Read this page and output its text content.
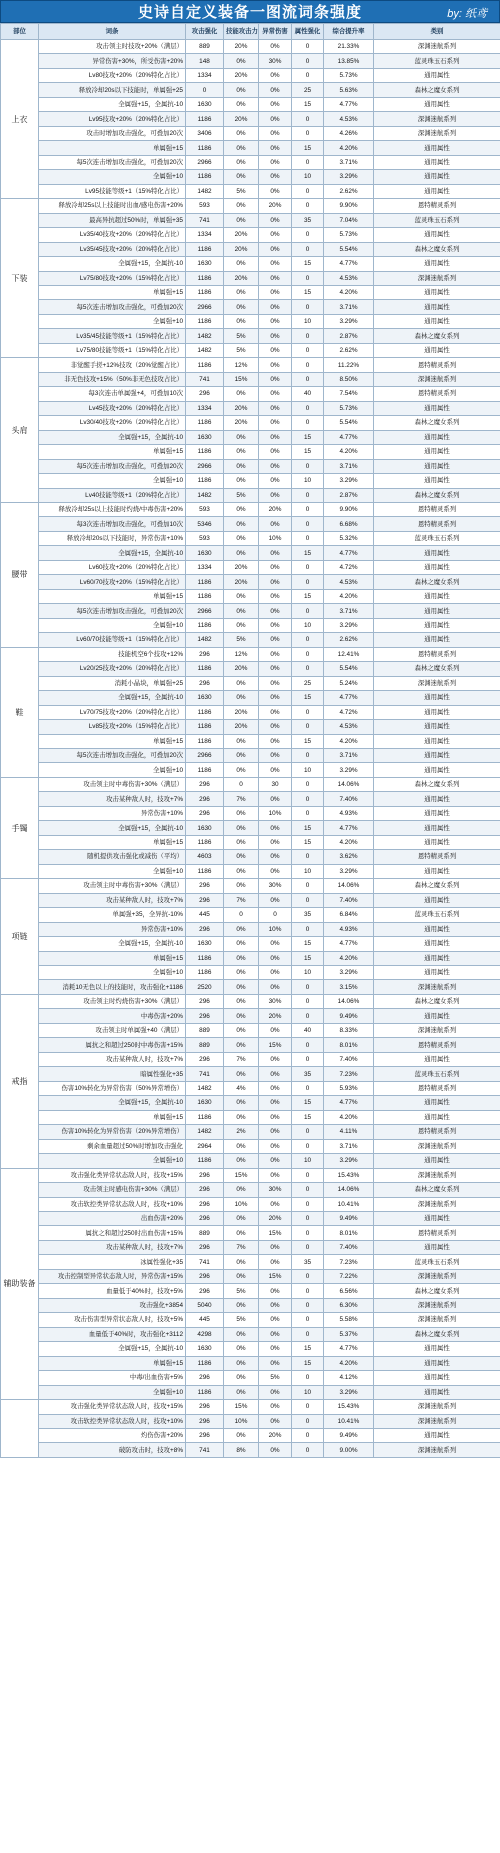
史诗自定义装备一图流词条强度	by: 纸鸢
部位	词条	攻击强化	技能攻击力	异常伤害	属性强化	综合提升率	类别
上衣	攻击领主时技攻+20%（满层）	889	20%	0%	0	21.33%	深渊迷航系列
	异常伤害+30%，所受伤害+20%	148	0%	30%	0	13.85%	蓝灵珠玉石系列
	Lv80技攻+20%（20%特化占比）	1334	20%	0%	0	5.73%	通用属性
	释放冷却20s以下技能时，单属强+25	0	0%	0%	25	5.63%	森林之魔女系列
	全属强+15，全属抗-10	1630	0%	0%	15	4.77%	通用属性
	Lv95技攻+20%（20%特化占比）	1186	20%	0%	0	4.53%	深渊迷航系列
	攻击时增加攻击强化，可叠加20次	3406	0%	0%	0	4.26%	深渊迷航系列
	单属强+15	1186	0%	0%	15	4.20%	通用属性
	每5次连击增加攻击强化，可叠加20次	2966	0%	0%	0	3.71%	通用属性
	全属强+10	1186	0%	0%	10	3.29%	通用属性
	Lv95技能等级+1（15%特化占比）	1482	5%	0%	0	2.62%	通用属性
下装	释放冷却25s以上技能时出血/感电伤害+20%	593	0%	20%	0	9.90%	恩特精灵系列
	最高异抗超过50%时，单属强+35	741	0%	0%	35	7.04%	蓝灵珠玉石系列
	Lv35/40技攻+20%（20%特化占比）	1334	20%	0%	0	5.73%	通用属性
	Lv35/45技攻+20%（20%特化占比）	1186	20%	0%	0	5.54%	森林之魔女系列
	全属强+15，全属抗-10	1630	0%	0%	15	4.77%	通用属性
	Lv75/80技攻+20%（15%特化占比）	1186	20%	0%	0	4.53%	深渊迷航系列
	单属强+15	1186	0%	0%	15	4.20%	通用属性
	每5次连击增加攻击强化，可叠加20次	2966	0%	0%	0	3.71%	通用属性
	全属强+10	1186	0%	0%	10	3.29%	通用属性
	Lv35/45技能等级+1（15%特化占比）	1482	5%	0%	0	2.87%	森林之魔女系列
	Lv75/80技能等级+1（15%特化占比）	1482	5%	0%	0	2.62%	通用属性
头肩	非觉醒手搓+12%技攻（20%觉醒占比）	1186	12%	0%	0	11.22%	恩特精灵系列
	非无色技攻+15%（50%非无色技攻占比）	741	15%	0%	0	8.50%	深渊迷航系列
	每3次连击单属强+4，可叠加10次	296	0%	0%	40	7.54%	恩特精灵系列
	Lv45技攻+20%（20%特化占比）	1334	20%	0%	0	5.73%	通用属性
	Lv30/40技攻+20%（20%特化占比）	1186	20%	0%	0	5.54%	森林之魔女系列
	全属强+15，全属抗-10	1630	0%	0%	15	4.77%	通用属性
	单属强+15	1186	0%	0%	15	4.20%	通用属性
	每5次连击增加攻击强化，可叠加20次	2966	0%	0%	0	3.71%	通用属性
	全属强+10	1186	0%	0%	10	3.29%	通用属性
	Lv40技能等级+1（20%特化占比）	1482	5%	0%	0	2.87%	森林之魔女系列
腰带	释放冷却25s以上技能时灼烧/中毒伤害+20%	593	0%	20%	0	9.90%	恩特精灵系列
	每3次连击增加攻击强化，可叠加10次	5346	0%	0%	0	6.68%	恩特精灵系列
	释放冷却20s以下技能时，异常伤害+10%	593	0%	10%	0	5.32%	蓝灵珠玉石系列
	全属强+15，全属抗-10	1630	0%	0%	15	4.77%	通用属性
	Lv60技攻+20%（20%特化占比）	1334	20%	0%	0	4.72%	通用属性
	Lv60/70技攻+20%（15%特化占比）	1186	20%	0%	0	4.53%	森林之魔女系列
	单属强+15	1186	0%	0%	15	4.20%	通用属性
	每5次连击增加攻击强化，可叠加20次	2966	0%	0%	0	3.71%	通用属性
	全属强+10	1186	0%	0%	10	3.29%	通用属性
	Lv60/70技能等级+1（15%特化占比）	1482	5%	0%	0	2.62%	通用属性
鞋	技能机空6个技攻+12%	296	12%	0%	0	12.41%	恩特精灵系列
	Lv20/25技攻+20%（20%特化占比）	1186	20%	0%	0	5.54%	森林之魔女系列
	消耗小晶块，单属强+25	296	0%	0%	25	5.24%	深渊迷航系列
	全属强+15，全属抗-10	1630	0%	0%	15	4.77%	通用属性
	Lv70/75技攻+20%（20%特化占比）	1186	20%	0%	0	4.72%	通用属性
	Lv85技攻+20%（15%特化占比）	1186	20%	0%	0	4.53%	通用属性
	单属强+15	1186	0%	0%	15	4.20%	通用属性
	每5次连击增加攻击强化，可叠加20次	2966	0%	0%	0	3.71%	通用属性
	全属强+10	1186	0%	0%	10	3.29%	通用属性
手镯	攻击领主时中毒伤害+30%（满层）	296	0	30	0	14.06%	森林之魔女系列
	攻击某种敌人时，技攻+7%	296	7%	0%	0	7.40%	通用属性
	异常伤害+10%	296	0%	10%	0	4.93%	通用属性
	全属强+15，全属抗-10	1630	0%	0%	15	4.77%	通用属性
	单属强+15	1186	0%	0%	15	4.20%	通用属性
	随机提供攻击强化或减伤（平均）	4603	0%	0%	0	3.62%	恩特精灵系列
	全属强+10	1186	0%	0%	10	3.29%	通用属性
项链	攻击领主时中毒伤害+30%（满层）	296	0%	30%	0	14.06%	森林之魔女系列
	攻击某种敌人时，技攻+7%	296	7%	0%	0	7.40%	通用属性
	单属强+35，全异抗-10%	445	0	0	35	6.84%	蓝灵珠玉石系列
	异常伤害+10%	296	0%	10%	0	4.93%	通用属性
	全属强+15，全属抗-10	1630	0%	0%	15	4.77%	通用属性
	单属强+15	1186	0%	0%	15	4.20%	通用属性
	全属强+10	1186	0%	0%	10	3.29%	通用属性
	消耗10无色以上的技能时，攻击强化+1186	2520	0%	0%	0	3.15%	深渊迷航系列
戒指	攻击领主时灼烧伤害+30%（满层）	296	0%	30%	0	14.06%	森林之魔女系列
	中毒伤害+20%	296	0%	20%	0	9.49%	通用属性
	攻击领主时单属强+40（满层）	889	0%	0%	40	8.33%	深渊迷航系列
	属抗之和超过250时中毒伤害+15%	889	0%	15%	0	8.01%	恩特精灵系列
	攻击某种敌人时，技攻+7%	296	7%	0%	0	7.40%	通用属性
	暗属性强化+35	741	0%	0%	35	7.23%	蓝灵珠玉石系列
	伤害10%转化为异常伤害（50%异常增伤）	1482	4%	0%	0	5.93%	恩特精灵系列
	全属强+15，全属抗-10	1630	0%	0%	15	4.77%	通用属性
	单属强+15	1186	0%	0%	15	4.20%	通用属性
	伤害10%转化为异常伤害（20%异常增伤）	1482	2%	0%	0	4.11%	恩特精灵系列
	剩余血量超过50%时增加攻击强化	2964	0%	0%	0	3.71%	深渊迷航系列
	全属强+10	1186	0%	0%	10	3.29%	通用属性
辅助装备	攻击强化类异常状态敌人时，技攻+15%	296	15%	0%	0	15.43%	深渊迷航系列
	攻击领主时感电伤害+30%（满层）	296	0%	30%	0	14.06%	森林之魔女系列
	攻击软控类异常状态敌人时，技攻+10%	296	10%	0%	0	10.41%	深渊迷航系列
	出血伤害+20%	296	0%	20%	0	9.49%	通用属性
	属抗之和超过250时出血伤害+15%	889	0%	15%	0	8.01%	恩特精灵系列
	攻击某种敌人时，技攻+7%	296	7%	0%	0	7.40%	通用属性
	冰属性强化+35	741	0%	0%	35	7.23%	蓝灵珠玉石系列
	攻击控制型异常状态敌人时，异常伤害+15%	296	0%	15%	0	7.22%	深渊迷航系列
	血量低于40%时，技攻+5%	296	5%	0%	0	6.56%	森林之魔女系列
	攻击强化+3854	5040	0%	0%	0	6.30%	深渊迷航系列
	攻击伤害型异常状态敌人时，技攻+5%	445	5%	0%	0	5.58%	深渊迷航系列
	血量低于40%时，攻击强化+3112	4298	0%	0%	0	5.37%	森林之魔女系列
	全属强+15，全属抗-10	1630	0%	0%	15	4.77%	通用属性
	单属强+15	1186	0%	0%	15	4.20%	通用属性
	中毒/出血伤害+5%	296	0%	5%	0	4.12%	通用属性
	全属强+10	1186	0%	0%	10	3.29%	通用属性
	攻击强化类异常状态敌人时，技攻+15%	296	15%	0%	0	15.43%	深渊迷航系列
	攻击软控类异常状态敌人时，技攻+10%	296	10%	0%	0	10.41%	深渊迷航系列
	灼伤伤害+20%	296	0%	20%	0	9.49%	通用属性
	破防攻击时，技攻+8%	741	8%	0%	0	9.00%	深渊迷航系列
